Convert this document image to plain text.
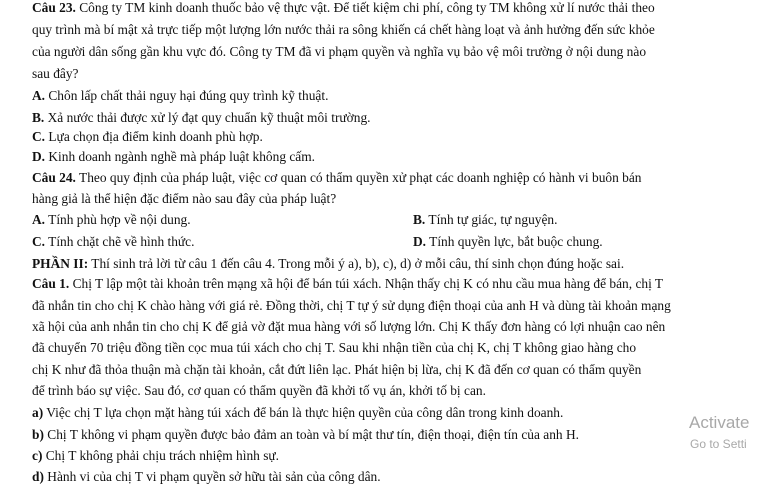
Câu 23. Công ty TM kinh doanh thuốc bảo vệ thực vật. Để tiết kiệm chi phí, công ty TM không xử lí nước thải theo
quy trình mà bí mật xả trực tiếp một lượng lớn nước thải ra sông khiến cá chết hàng loạt và ảnh hưởng đến sức khỏe
của người dân sống gần khu vực đó. Công ty TM đã vi phạm quyền và nghĩa vụ bảo vệ môi trường ở nội dung nào
sau đây?
A. Chôn lấp chất thải nguy hại đúng quy trình kỹ thuật.
B. Xả nước thải được xử lý đạt quy chuẩn kỹ thuật môi trường.
C. Lựa chọn địa điểm kinh doanh phù hợp.
D. Kinh doanh ngành nghề mà pháp luật không cấm.
Câu 24. Theo quy định của pháp luật, việc cơ quan có thẩm quyền xử phạt các doanh nghiệp có hành vi buôn bán
hàng giả là thể hiện đặc điểm nào sau đây của pháp luật?
A. Tính phù hợp về nội dung.	B. Tính tự giác, tự nguyện.
C. Tính chặt chẽ về hình thức.	D. Tính quyền lực, bắt buộc chung.
PHẦN II: Thí sinh trả lời từ câu 1 đến câu 4. Trong mỗi ý a), b), c), d) ở mỗi câu, thí sinh chọn đúng hoặc sai.
Câu 1. Chị T lập một tài khoản trên mạng xã hội để bán túi xách. Nhận thấy chị K có nhu cầu mua hàng để bán, chị T
đã nhắn tin cho chị K chào hàng với giá rẻ. Đồng thời, chị T tự ý sử dụng điện thoại của anh H và dùng tài khoản mạng
xã hội của anh nhắn tin cho chị K để giả vờ đặt mua hàng với số lượng lớn. Chị K thấy đơn hàng có lợi nhuận cao nên
đã chuyển 70 triệu đồng tiền cọc mua túi xách cho chị T. Sau khi nhận tiền của chị K, chị T không giao hàng cho
chị K như đã thỏa thuận mà chặn tài khoản, cắt đứt liên lạc. Phát hiện bị lừa, chị K đã đến cơ quan có thẩm quyền
để trình báo sự việc. Sau đó, cơ quan có thẩm quyền đã khởi tố vụ án, khởi tố bị can.
a) Việc chị T lựa chọn mặt hàng túi xách để bán là thực hiện quyền của công dân trong kinh doanh.
b) Chị T không vi phạm quyền được bảo đảm an toàn và bí mật thư tín, điện thoại, điện tín của anh H.
c) Chị T không phải chịu trách nhiệm hình sự.
d) Hành vi của chị T vi phạm quyền sở hữu tài sản của công dân.
Activate
Go to Setti
